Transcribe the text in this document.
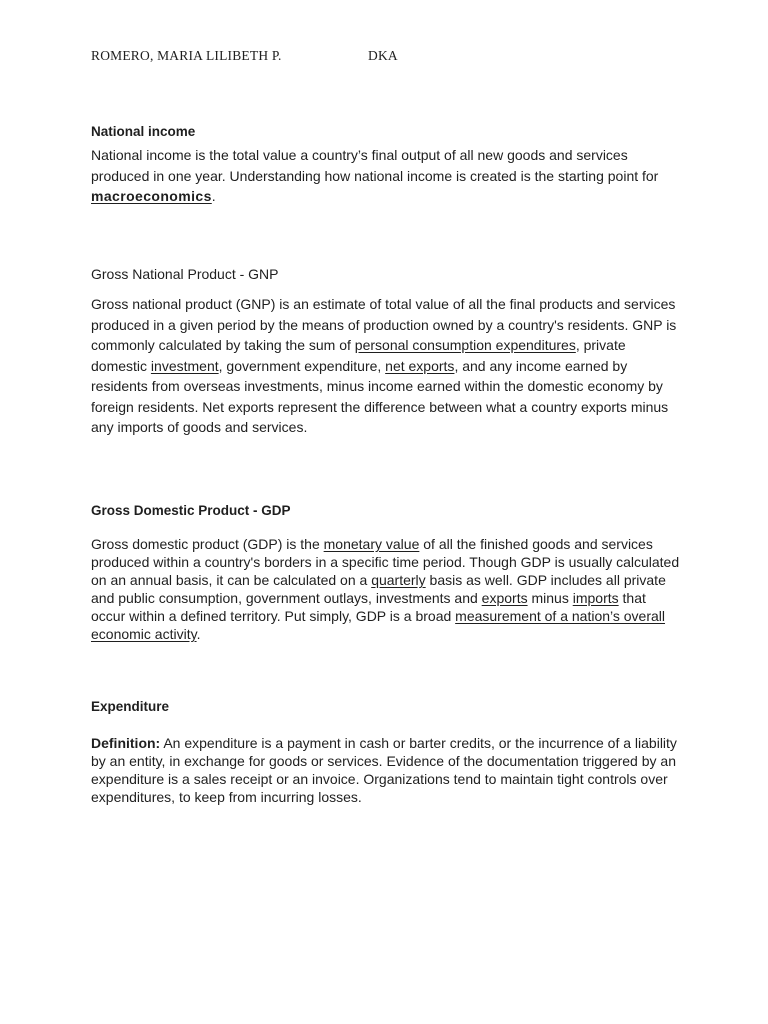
ROMERO, MARIA LILIBETH P.	DKA
National income
National income is the total value a country’s final output of all new goods and services produced in one year. Understanding how national income is created is the starting point for macroeconomics.
Gross National Product - GNP
Gross national product (GNP) is an estimate of total value of all the final products and services produced in a given period by the means of production owned by a country's residents. GNP is commonly calculated by taking the sum of personal consumption expenditures, private domestic investment, government expenditure, net exports, and any income earned by residents from overseas investments, minus income earned within the domestic economy by foreign residents. Net exports represent the difference between what a country exports minus any imports of goods and services.
Gross Domestic Product - GDP
Gross domestic product (GDP) is the monetary value of all the finished goods and services produced within a country's borders in a specific time period. Though GDP is usually calculated on an annual basis, it can be calculated on a quarterly basis as well. GDP includes all private and public consumption, government outlays, investments and exports minus imports that occur within a defined territory. Put simply, GDP is a broad measurement of a nation’s overall economic activity.
Expenditure
Definition: An expenditure is a payment in cash or barter credits, or the incurrence of a liability by an entity, in exchange for goods or services. Evidence of the documentation triggered by an expenditure is a sales receipt or an invoice. Organizations tend to maintain tight controls over expenditures, to keep from incurring losses.
